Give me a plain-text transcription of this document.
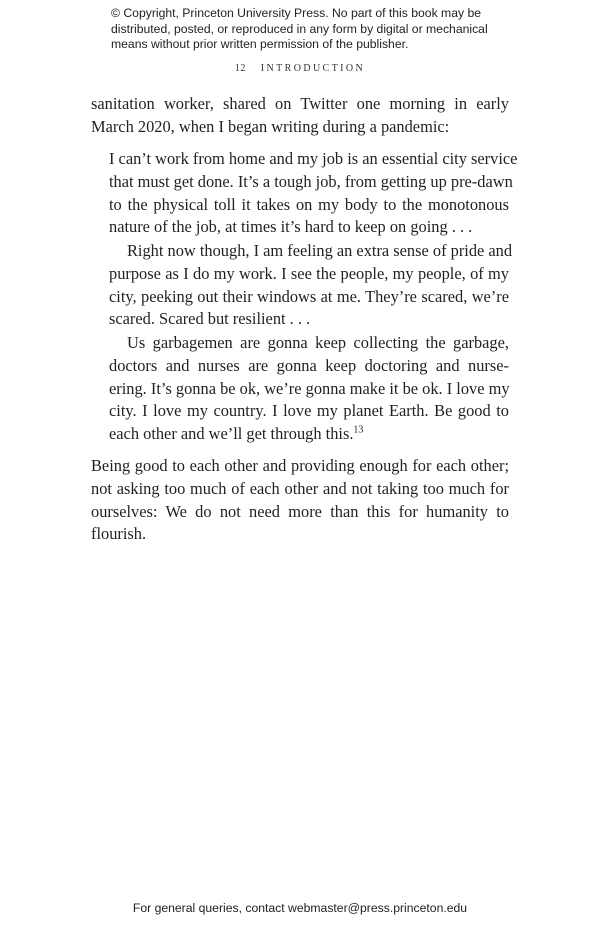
© Copyright, Princeton University Press. No part of this book may be
distributed, posted, or reproduced in any form by digital or mechanical
means without prior written permission of the publisher.
12 INTRODUCTION
sanitation worker, shared on Twitter one morning in early
March 2020, when I began writing during a pandemic:
I can’t work from home and my job is an essential city service
that must get done. It’s a tough job, from getting up pre-dawn
to the physical toll it takes on my body to the monotonous
nature of the job, at times it’s hard to keep on going . . .
Right now though, I am feeling an extra sense of pride and
purpose as I do my work. I see the people, my people, of my
city, peeking out their windows at me. They’re scared, we’re
scared. Scared but resilient . . .
Us garbagemen are gonna keep collecting the garbage,
doctors and nurses are gonna keep doctoring and nurse-
ering. It’s gonna be ok, we’re gonna make it be ok. I love my
city. I love my country. I love my planet Earth. Be good to
each other and we’ll get through this.$^{13}$
Being good to each other and providing enough for each other;
not asking too much of each other and not taking too much for
ourselves: We do not need more than this for humanity to
flourish.
For general queries, contact webmaster@press.princeton.edu
